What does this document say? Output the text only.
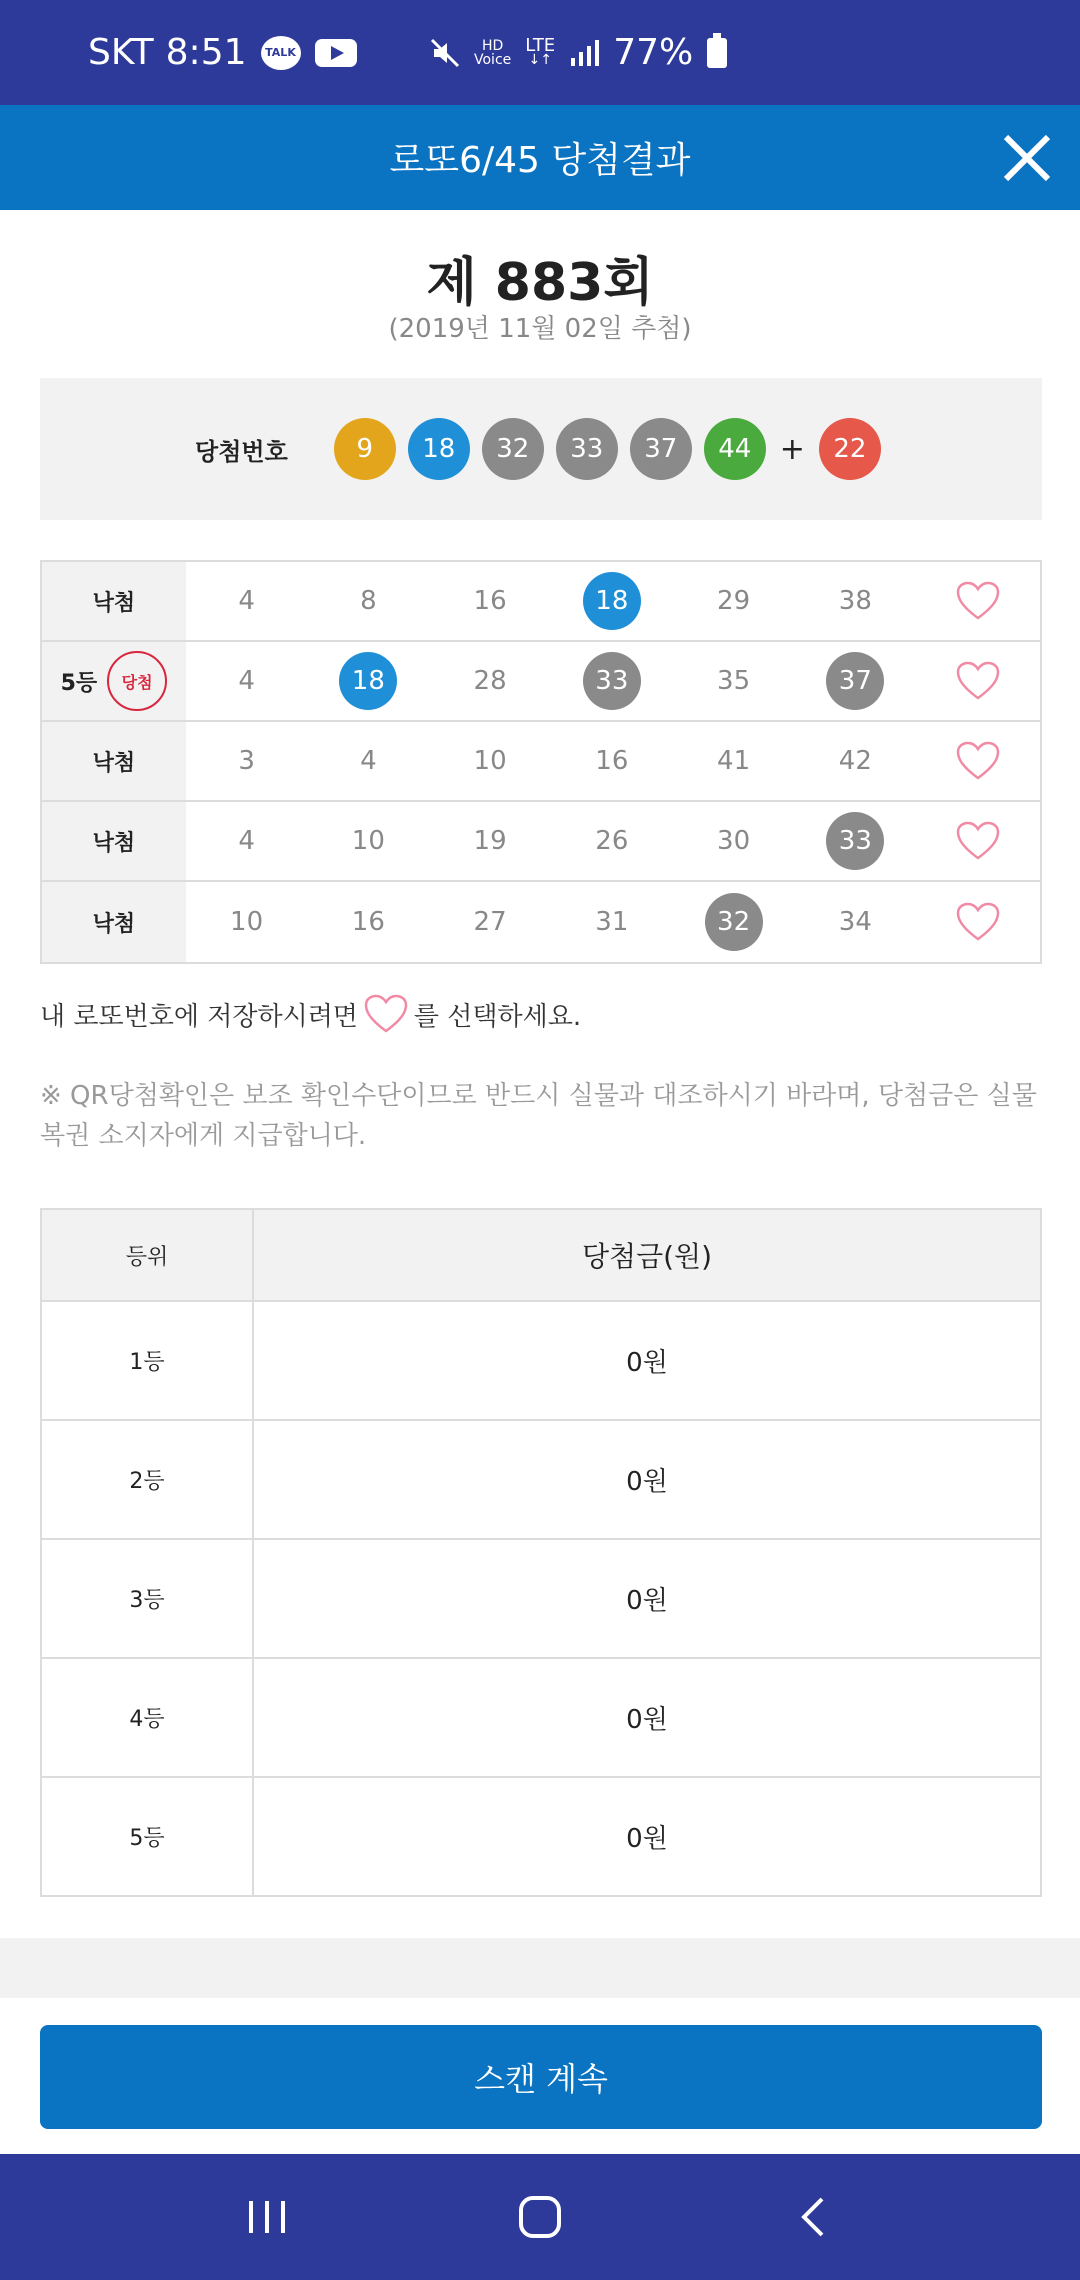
SKT 8:51	TALK	HD
Voice
LTE
↓↑ 77%
로또6/45 당첨결과
제 883회
(2019년 11월 02일 추첨)
당첨번호	9	18	32	33	37	44 +	22
낙첨	4	8	16	18	29	38
5등	당첨	4	18	28	33	35	37
낙첨	3	4	10	16	41	42
낙첨	4	10	19	26	30	33
낙첨	10	16	27	31	32	34
내 로또번호에 저장하시려면 를 선택하세요.
※ QR당첨확인은 보조 확인수단이므로 반드시 실물과 대조하시기 바라며, 당첨금은 실물 복권 소지자에게 지급합니다.
등위	당첨금(원)
1등	0원
2등	0원
3등	0원
4등	0원
5등	0원
스캔 계속
